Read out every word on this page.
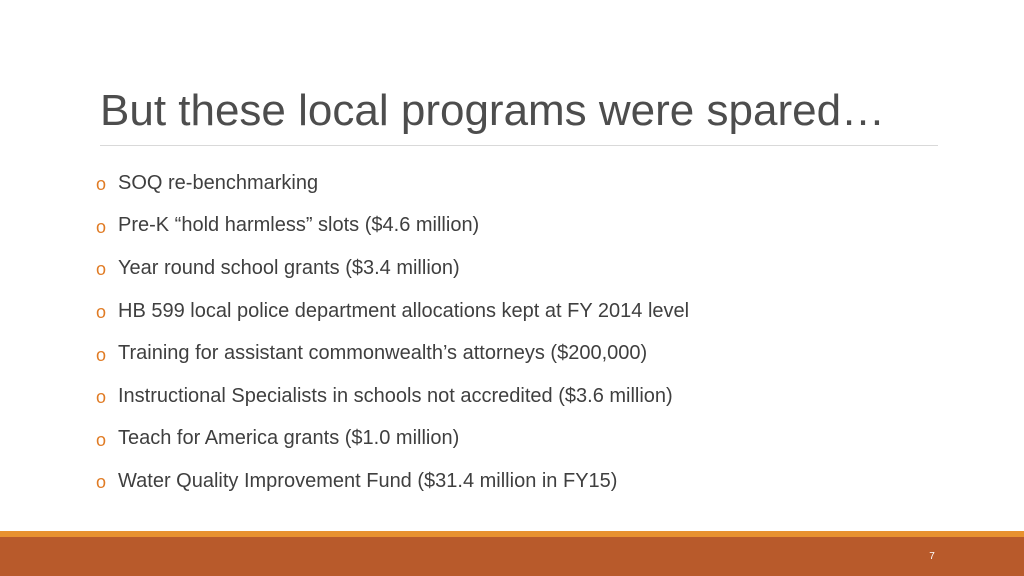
But these local programs were spared…
o SOQ re-benchmarking
o Pre-K “hold harmless” slots ($4.6 million)
o Year round school grants ($3.4 million)
o HB 599 local police department allocations kept at FY 2014 level
o Training for assistant commonwealth’s attorneys ($200,000)
o Instructional Specialists in schools not accredited ($3.6 million)
o Teach for America grants ($1.0 million)
o Water Quality Improvement Fund ($31.4 million in FY15)
7
